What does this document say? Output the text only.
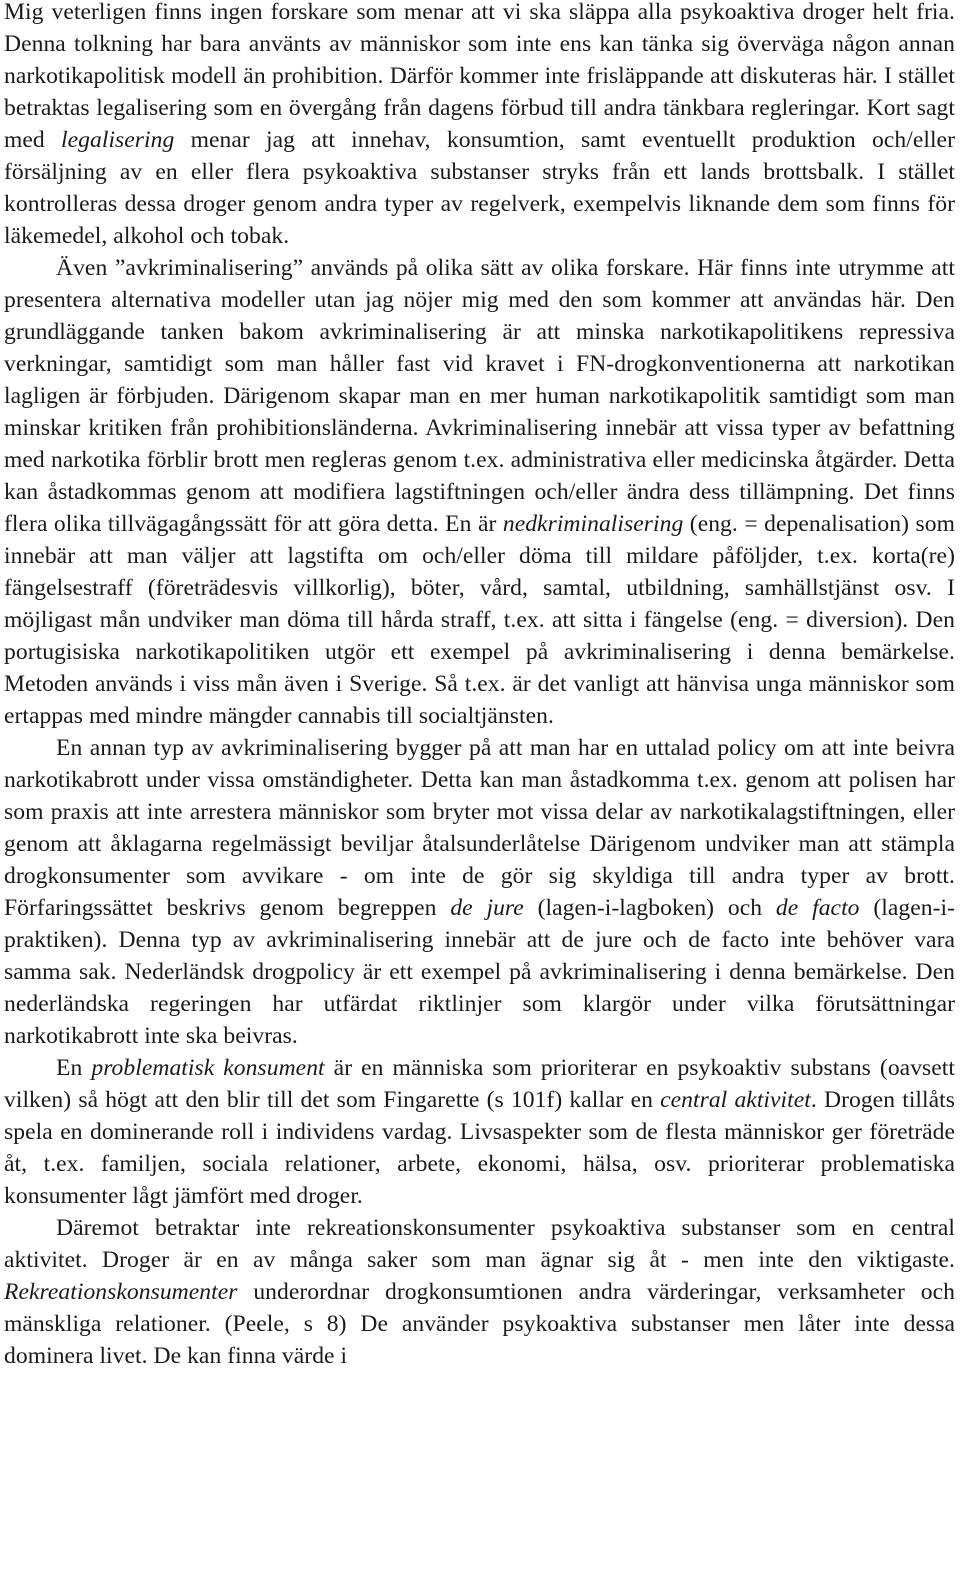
Mig veterligen finns ingen forskare som menar att vi ska släppa alla psykoaktiva droger helt fria. Denna tolkning har bara använts av människor som inte ens kan tänka sig överväga någon annan narkotikapolitisk modell än prohibition. Därför kommer inte frisläppande att diskuteras här. I stället betraktas legalisering som en övergång från dagens förbud till andra tänkbara regleringar. Kort sagt med legalisering menar jag att innehav, konsumtion, samt eventuellt produktion och/eller försäljning av en eller flera psykoaktiva substanser stryks från ett lands brottsbalk. I stället kontrolleras dessa droger genom andra typer av regelverk, exempelvis liknande dem som finns för läkemedel, alkohol och tobak.

Även ”avkriminalisering” används på olika sätt av olika forskare. Här finns inte utrymme att presentera alternativa modeller utan jag nöjer mig med den som kommer att användas här. Den grundläggande tanken bakom avkriminalisering är att minska narkotikapolitikens repressiva verkningar, samtidigt som man håller fast vid kravet i FN-drogkonventionerna att narkotikan lagligen är förbjuden. Därigenom skapar man en mer human narkotikapolitik samtidigt som man minskar kritiken från prohibitionsländerna. Avkriminalisering innebär att vissa typer av befattning med narkotika förblir brott men regleras genom t.ex. administrativa eller medicinska åtgärder. Detta kan åstadkommas genom att modifiera lagstiftningen och/eller ändra dess tillämpning. Det finns flera olika tillvägagångssätt för att göra detta. En är nedkriminalisering (eng. = depenalisation) som innebär att man väljer att lagstifta om och/eller döma till mildare påföljder, t.ex. korta(re) fängelsestraff (företrädesvis villkorlig), böter, vård, samtal, utbildning, samhällstjänst osv. I möjligast mån undviker man döma till hårda straff, t.ex. att sitta i fängelse (eng. = diversion). Den portugisiska narkotikapolitiken utgör ett exempel på avkriminalisering i denna bemärkelse. Metoden används i viss mån även i Sverige. Så t.ex. är det vanligt att hänvisa unga människor som ertappas med mindre mängder cannabis till socialtjänsten.

En annan typ av avkriminalisering bygger på att man har en uttalad policy om att inte beivra narkotikabrott under vissa omständigheter. Detta kan man åstadkomma t.ex. genom att polisen har som praxis att inte arrestera människor som bryter mot vissa delar av narkotikalagstiftningen, eller genom att åklagarna regelmässigt beviljar åtalsunderlåtelse Därigenom undviker man att stämpla drogkonsumenter som avvikare - om inte de gör sig skyldiga till andra typer av brott. Förfaringssättet beskrivs genom begreppen de jure (lagen-i-lagboken) och de facto (lagen-i-praktiken). Denna typ av avkriminalisering innebär att de jure och de facto inte behöver vara samma sak. Nederländsk drogpolicy är ett exempel på avkriminalisering i denna bemärkelse. Den nederländska regeringen har utfärdat riktlinjer som klargör under vilka förutsättningar narkotikabrott inte ska beivras.

En problematisk konsument är en människa som prioriterar en psykoaktiv substans (oavsett vilken) så högt att den blir till det som Fingarette (s 101f) kallar en central aktivitet. Drogen tillåts spela en dominerande roll i individens vardag. Livsaspekter som de flesta människor ger företräde åt, t.ex. familjen, sociala relationer, arbete, ekonomi, hälsa, osv. prioriterar problematiska konsumenter lågt jämfört med droger.

Däremot betraktar inte rekreationskonsumenter psykoaktiva substanser som en central aktivitet. Droger är en av många saker som man ägnar sig åt - men inte den viktigaste. Rekreationskonsumenter underordnar drogkonsumtionen andra värderingar, verksamheter och mänskliga relationer. (Peele, s 8) De använder psykoaktiva substanser men låter inte dessa dominera livet. De kan finna värde i
